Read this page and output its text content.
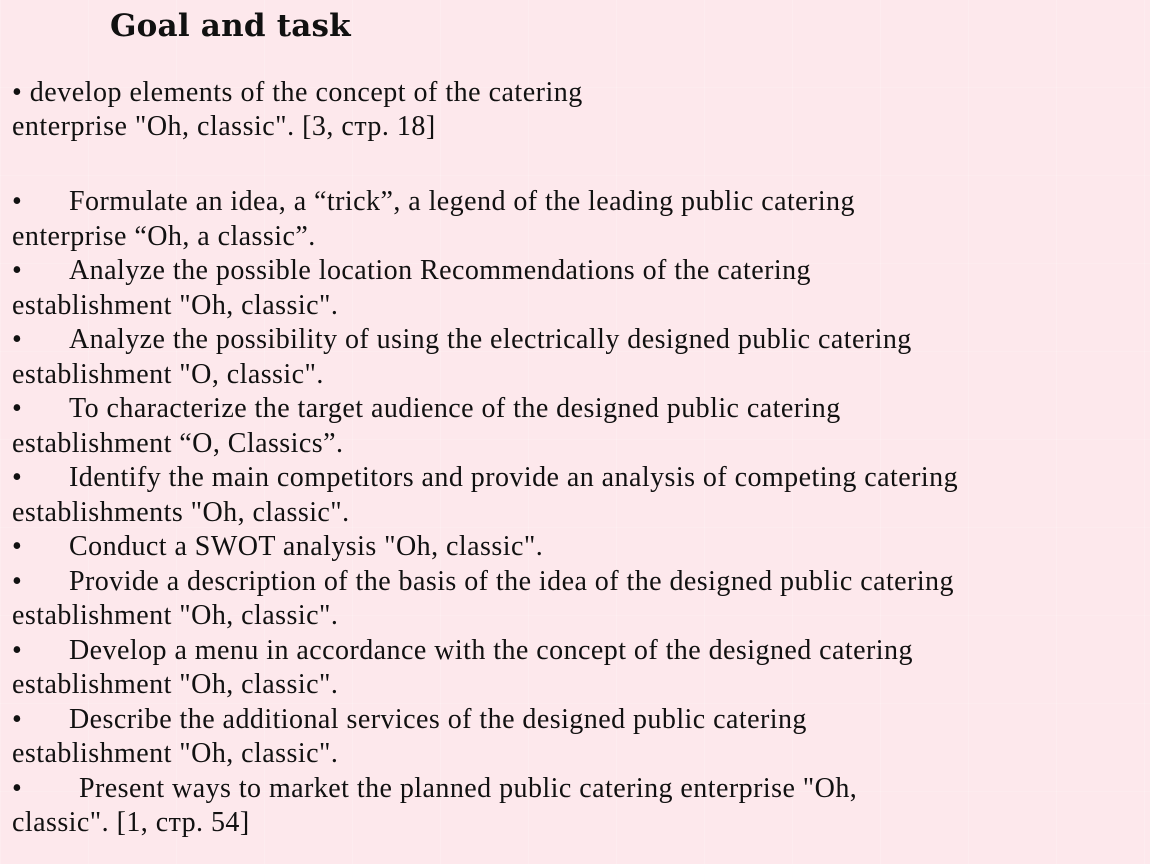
Goal and task
• develop elements of the concept of the catering
enterprise "Oh, classic". [3, стр. 18]
• Formulate an idea, a “trick”, a legend of the leading public catering
enterprise “Oh, a classic”.
• Analyze the possible location Recommendations of the catering
establishment "Oh, classic".
• Analyze the possibility of using the electrically designed public catering
establishment "O, classic".
• To characterize the target audience of the designed public catering
establishment “O, Classics”.
• Identify the main competitors and provide an analysis of competing catering
establishments "Oh, classic".
• Conduct a SWOT analysis "Oh, classic".
• Provide a description of the basis of the idea of the designed public catering
establishment "Oh, classic".
• Develop a menu in accordance with the concept of the designed catering
establishment "Oh, classic".
• Describe the additional services of the designed public catering
establishment "Oh, classic".
• Present ways to market the planned public catering enterprise "Oh,
classic". [1, стр. 54]
